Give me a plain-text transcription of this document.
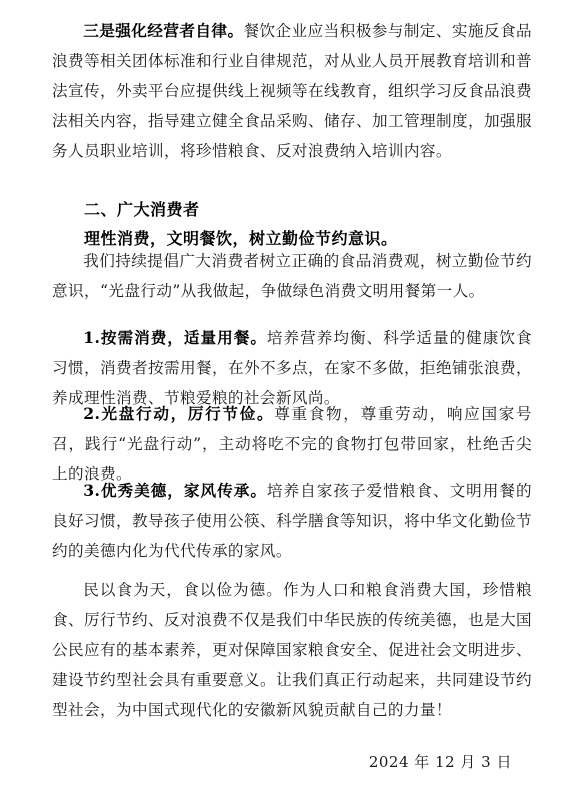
三是强化经营者自律。餐饮企业应当积极参与制定、实施反食品浪费等相关团体标准和行业自律规范，对从业人员开展教育培训和普法宣传，外卖平台应提供线上视频等在线教育，组织学习反食品浪费法相关内容，指导建立健全食品采购、储存、加工管理制度，加强服务人员职业培训，将珍惜粮食、反对浪费纳入培训内容。

二、广大消费者
理性消费，文明餐饮，树立勤俭节约意识。

我们持续提倡广大消费者树立正确的食品消费观，树立勤俭节约意识，“光盘行动”从我做起，争做绿色消费文明用餐第一人。

1.按需消费，适量用餐。培养营养均衡、科学适量的健康饮食习惯，消费者按需用餐，在外不多点，在家不多做，拒绝铺张浪费，养成理性消费、节粮爱粮的社会新风尚。

2.光盘行动，厉行节俭。尊重食物，尊重劳动，响应国家号召，践行“光盘行动”，主动将吃不完的食物打包带回家，杜绝舌尖上的浪费。

3.优秀美德，家风传承。培养自家孩子爱惜粮食、文明用餐的良好习惯，教导孩子使用公筷、科学膳食等知识，将中华文化勤俭节约的美德内化为代代传承的家风。

民以食为天，食以俭为德。作为人口和粮食消费大国，珍惜粮食、厉行节约、反对浪费不仅是我们中华民族的传统美德，也是大国公民应有的基本素养，更对保障国家粮食安全、促进社会文明进步、建设节约型社会具有重要意义。让我们真正行动起来，共同建设节约型社会，为中国式现代化的安徽新风貌贡献自己的力量！

2024 年 12 月 3 日
